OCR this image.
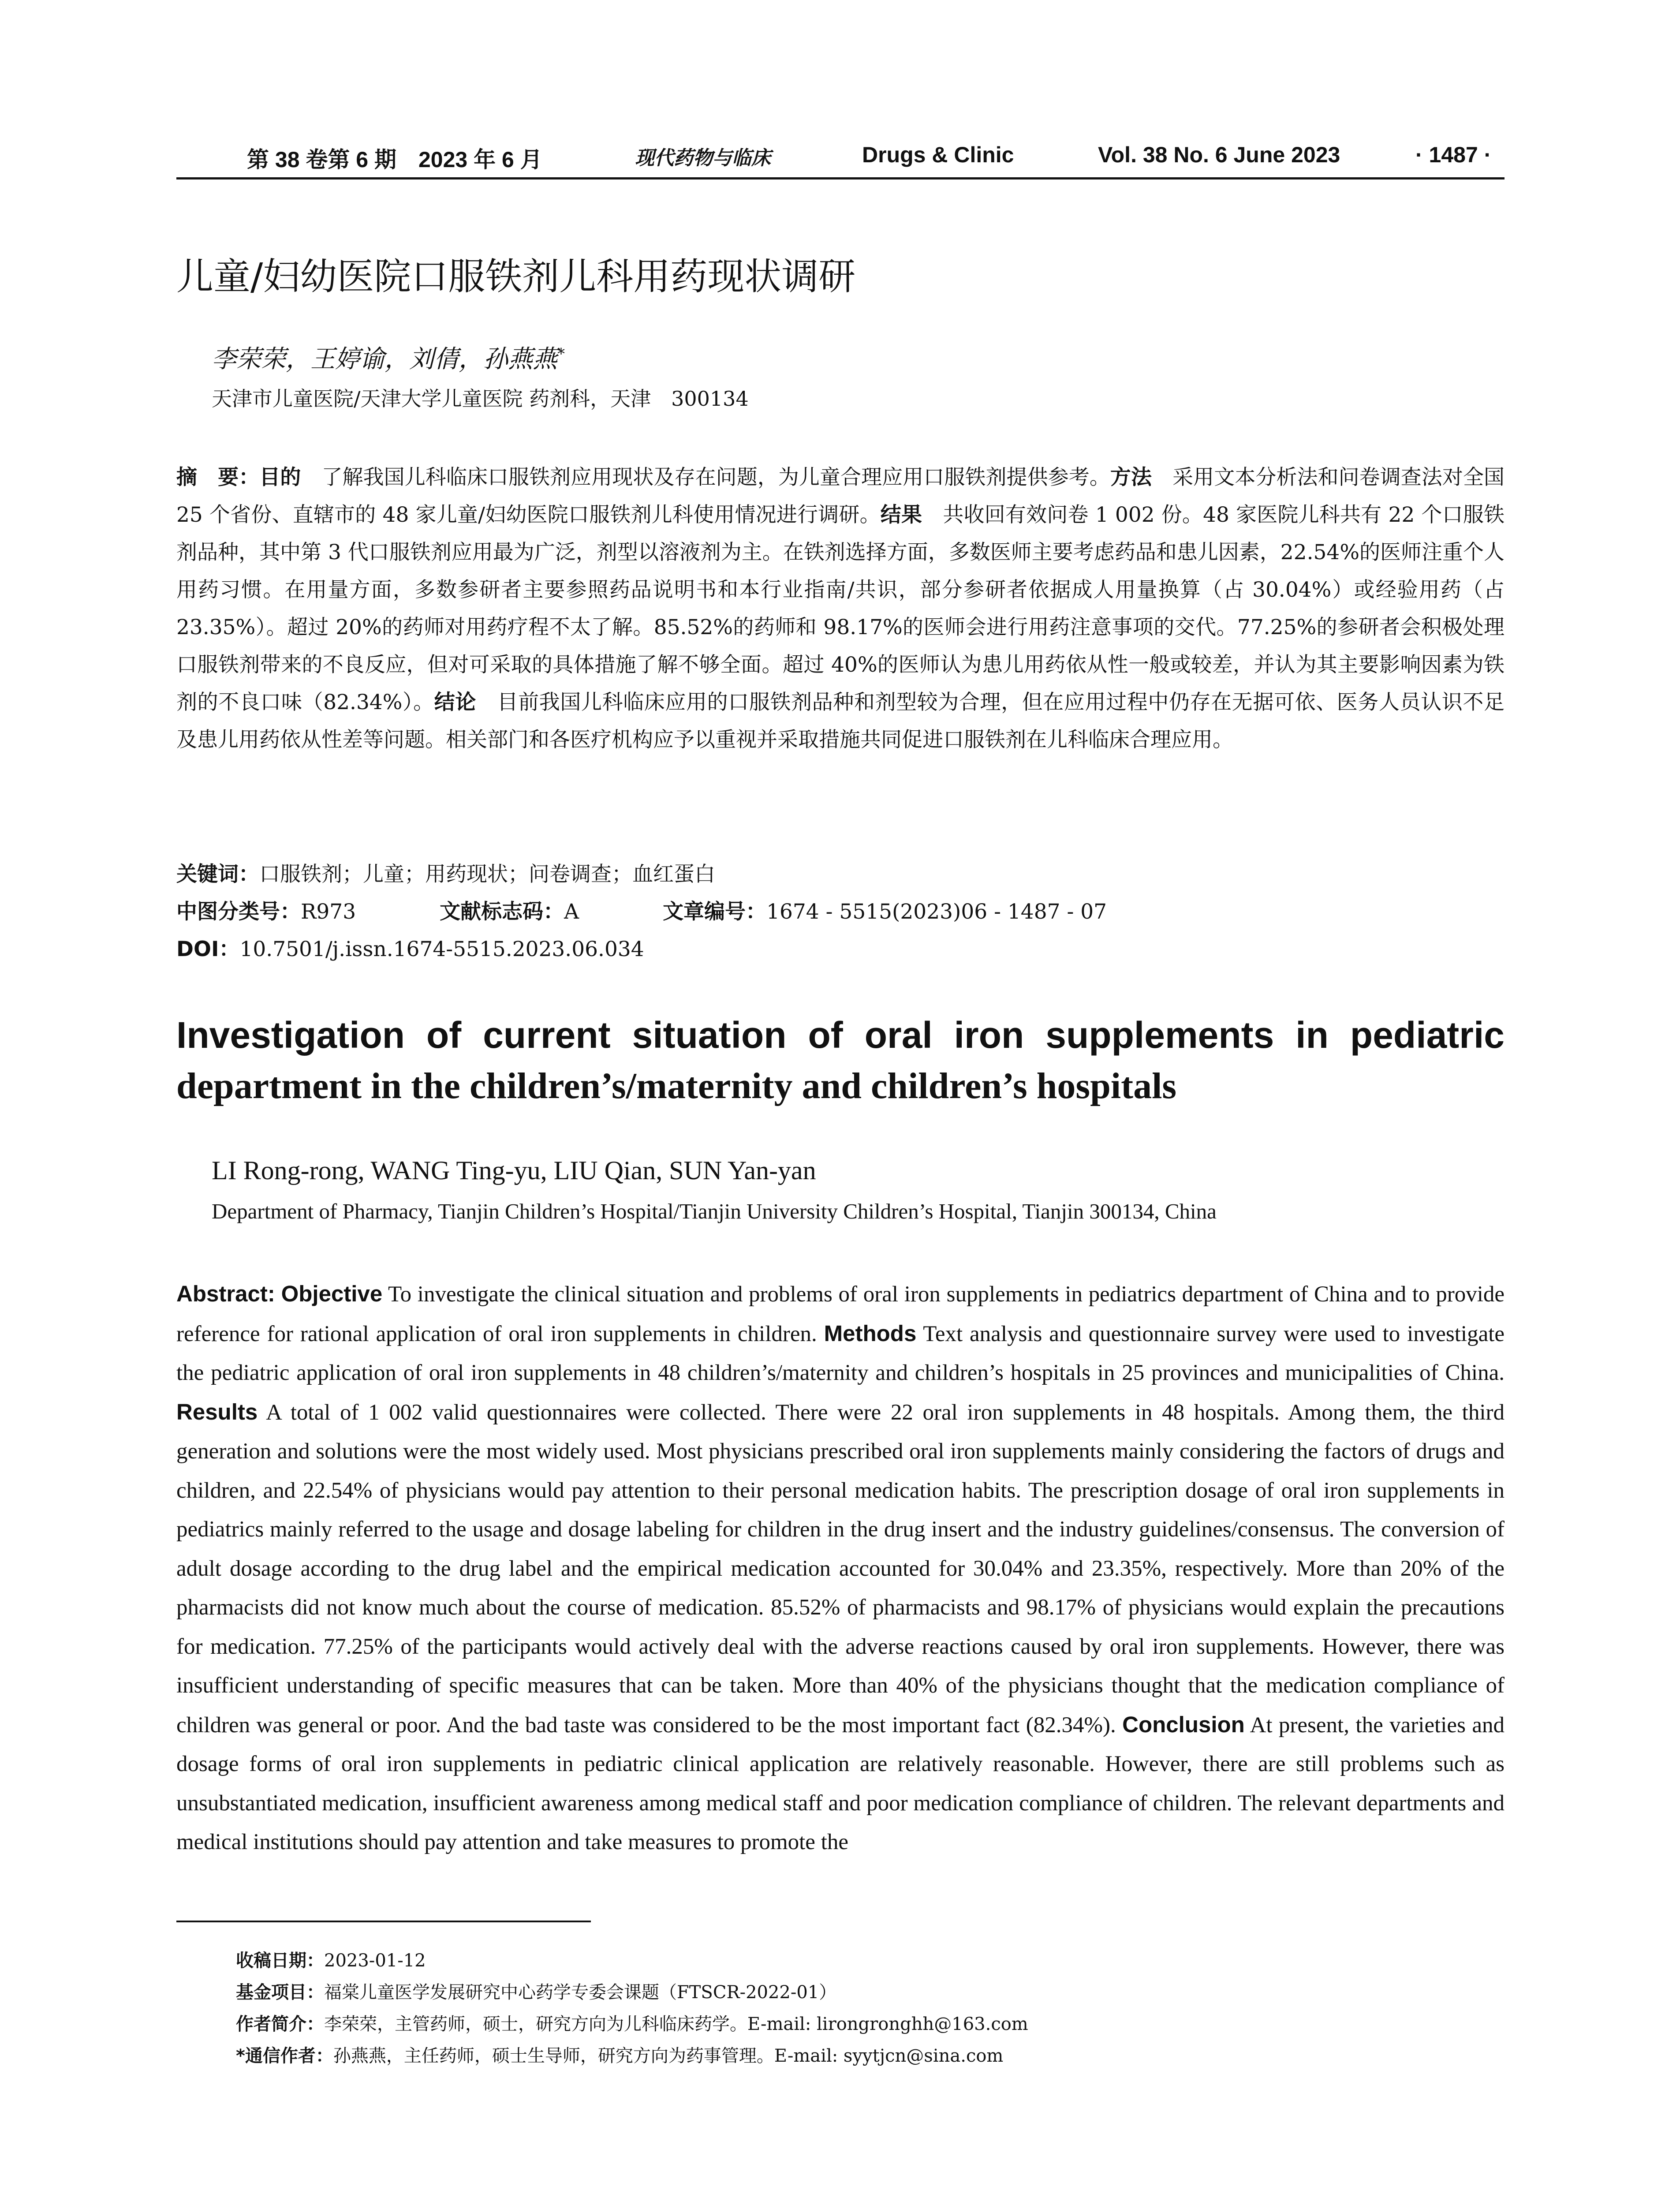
第 38 卷第 6 期　2023 年 6 月	现代药物与临床	Drugs & Clinic	Vol. 38 No. 6 June 2023	· 1487 ·
儿童/妇幼医院口服铁剂儿科用药现状调研
李荣荣，王婷谕，刘倩，孙燕燕*
天津市儿童医院/天津大学儿童医院 药剂科，天津　300134
摘　要：目的　了解我国儿科临床口服铁剂应用现状及存在问题，为儿童合理应用口服铁剂提供参考。方法　采用文本分析法和问卷调查法对全国 25 个省份、直辖市的 48 家儿童/妇幼医院口服铁剂儿科使用情况进行调研。结果　共收回有效问卷 1 002 份。48 家医院儿科共有 22 个口服铁剂品种，其中第 3 代口服铁剂应用最为广泛，剂型以溶液剂为主。在铁剂选择方面，多数医师主要考虑药品和患儿因素，22.54%的医师注重个人用药习惯。在用量方面，多数参研者主要参照药品说明书和本行业指南/共识，部分参研者依据成人用量换算（占 30.04%）或经验用药（占 23.35%）。超过 20%的药师对用药疗程不太了解。85.52%的药师和 98.17%的医师会进行用药注意事项的交代。77.25%的参研者会积极处理口服铁剂带来的不良反应，但对可采取的具体措施了解不够全面。超过 40%的医师认为患儿用药依从性一般或较差，并认为其主要影响因素为铁剂的不良口味（82.34%）。结论　目前我国儿科临床应用的口服铁剂品种和剂型较为合理，但在应用过程中仍存在无据可依、医务人员认识不足及患儿用药依从性差等问题。相关部门和各医疗机构应予以重视并采取措施共同促进口服铁剂在儿科临床合理应用。
关键词：口服铁剂；儿童；用药现状；问卷调查；血红蛋白
中图分类号：R973	文献标志码：A	文章编号：1674 - 5515(2023)06 - 1487 - 07
DOI：10.7501/j.issn.1674-5515.2023.06.034
Investigation of current situation of oral iron supplements in pediatric
department in the children’s/maternity and children’s hospitals
LI Rong-rong, WANG Ting-yu, LIU Qian, SUN Yan-yan
Department of Pharmacy, Tianjin Children’s Hospital/Tianjin University Children’s Hospital, Tianjin 300134, China
Abstract: Objective To investigate the clinical situation and problems of oral iron supplements in pediatrics department of China and to provide reference for rational application of oral iron supplements in children. Methods Text analysis and questionnaire survey were used to investigate the pediatric application of oral iron supplements in 48 children’s/maternity and children’s hospitals in 25 provinces and municipalities of China. Results A total of 1 002 valid questionnaires were collected. There were 22 oral iron supplements in 48 hospitals. Among them, the third generation and solutions were the most widely used. Most physicians prescribed oral iron supplements mainly considering the factors of drugs and children, and 22.54% of physicians would pay attention to their personal medication habits. The prescription dosage of oral iron supplements in pediatrics mainly referred to the usage and dosage labeling for children in the drug insert and the industry guidelines/consensus. The conversion of adult dosage according to the drug label and the empirical medication accounted for 30.04% and 23.35%, respectively. More than 20% of the pharmacists did not know much about the course of medication. 85.52% of pharmacists and 98.17% of physicians would explain the precautions for medication. 77.25% of the participants would actively deal with the adverse reactions caused by oral iron supplements. However, there was insufficient understanding of specific measures that can be taken. More than 40% of the physicians thought that the medication compliance of children was general or poor. And the bad taste was considered to be the most important fact (82.34%). Conclusion At present, the varieties and dosage forms of oral iron supplements in pediatric clinical application are relatively reasonable. However, there are still problems such as unsubstantiated medication, insufficient awareness among medical staff and poor medication compliance of children. The relevant departments and medical institutions should pay attention and take measures to promote the
收稿日期：2023-01-12
基金项目：福棠儿童医学发展研究中心药学专委会课题（FTSCR-2022-01）
作者简介：李荣荣，主管药师，硕士，研究方向为儿科临床药学。E-mail: lirongronghh@163.com
*通信作者：孙燕燕，主任药师，硕士生导师，研究方向为药事管理。E-mail: syytjcn@sina.com
